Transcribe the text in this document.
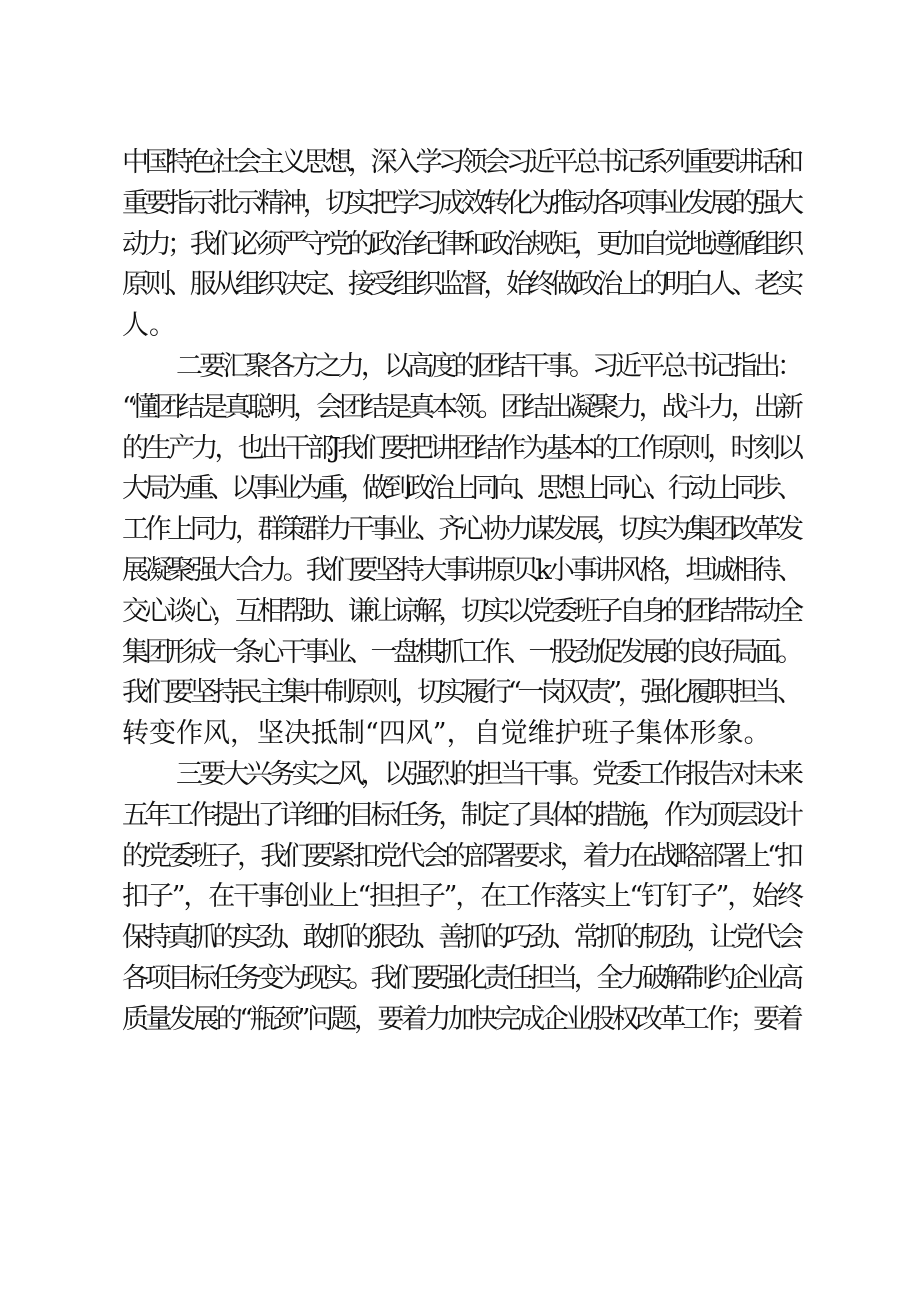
中国特色社会主义思想，深入学习领会习近平总书记系列重要讲话和
重要指示批示精神，切实把学习成效转化为推动各项事业发展的强大
动力；我们必须严守党的政治纪律和政治规矩，更加自觉地遵循组织
原则、服从组织决定、接受组织监督，始终做政治上的明白人、老实
人。
二要汇聚各方之力，以高度的团结干事。习近平总书记指出：
“懂团结是真聪明，会团结是真本领。团结出凝聚力，战斗力，出新
的生产力，也出干部J我们要把讲团结作为基本的工作原则，时刻以
大局为重、以事业为重，做到政治上同向、思想上同心、行动上同步、
工作上同力，群策群力干事业、齐心协力谋发展，切实为集团改革发
展凝聚强大合力。我们要坚持大事讲原贝k小事讲风格，坦诚相待、
交心谈心，互相帮助、谦让谅解，切实以党委班子自身的团结带动全
集团形成一条心干事业、一盘棋抓工作、一股劲促发展的良好局面。
我们要坚持民主集中制原则，切实履行“一岗双责”，强化履职担当、
转变作风，坚决抵制“四风”，自觉维护班子集体形象。
三要大兴务实之风，以强烈的担当干事。党委工作报告对未来
五年工作提出了详细的目标任务，制定了具体的措施，作为顶层设计
的党委班子，我们要紧扣党代会的部署要求，着力在战略部署上“扣
扣子”，在干事创业上“担担子”，在工作落实上“钉钉子”，始终
保持真抓的实劲、敢抓的狠劲、善抓的巧劲、常抓的韧劲，让党代会
各项目标任务变为现实。我们要强化责任担当，全力破解制约企业高
质量发展的“瓶颈”问题，要着力加快完成企业股权改革工作；要着
